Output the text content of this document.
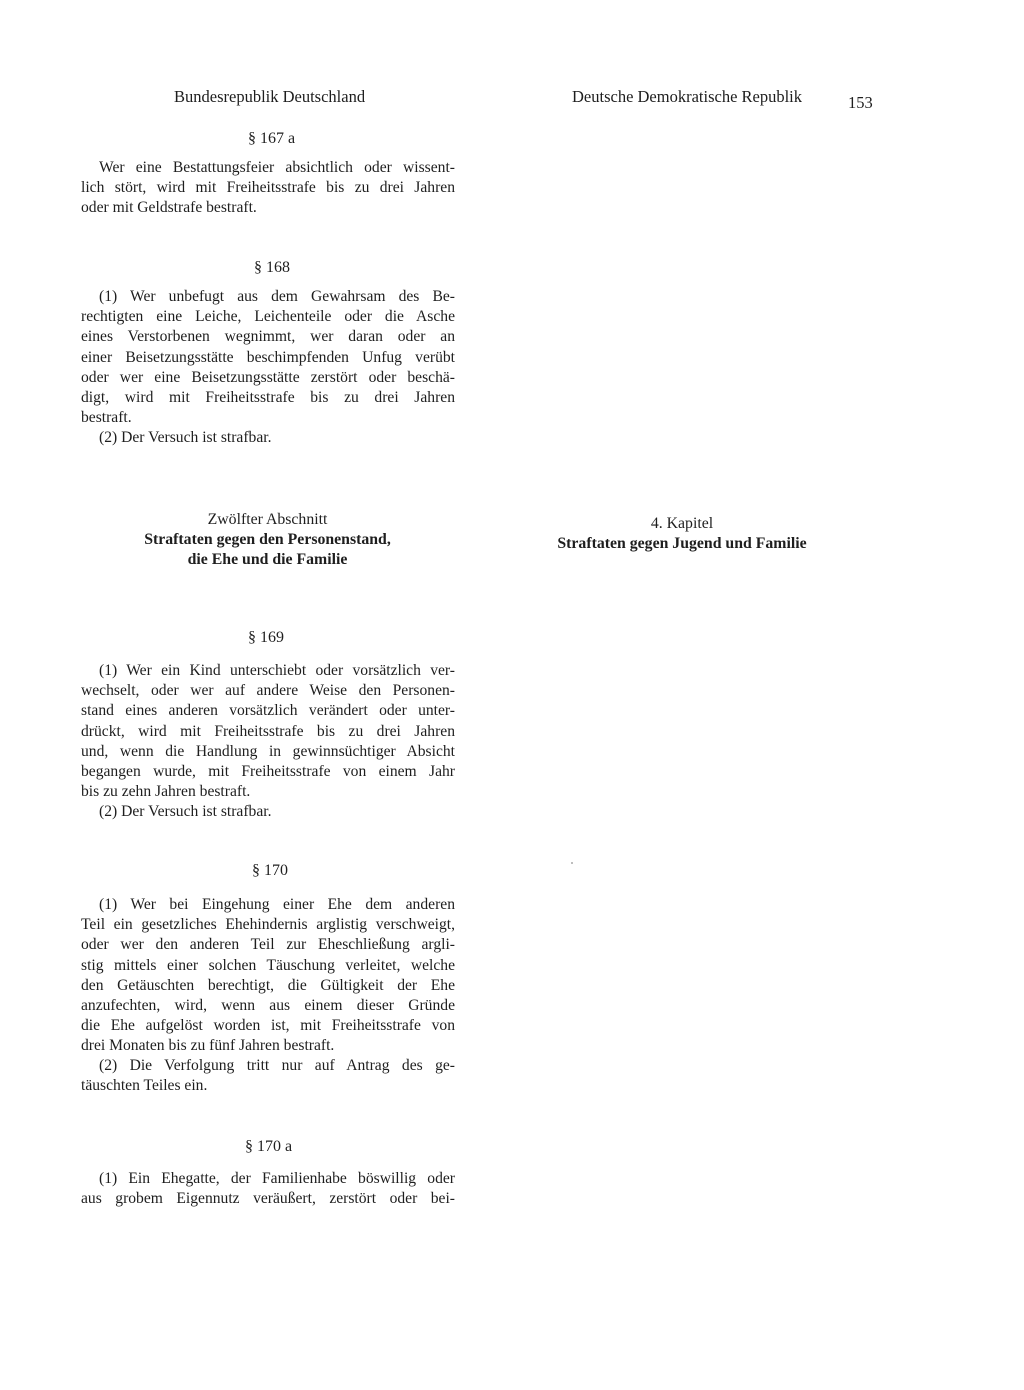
Bundesrepublik Deutschland	Deutsche Demokratische Republik	153
§ 167 a
Wer eine Bestattungsfeier absichtlich oder wissent-
lich stört, wird mit Freiheitsstrafe bis zu drei Jahren
oder mit Geldstrafe bestraft.
§ 168
(1) Wer unbefugt aus dem Gewahrsam des Be-
rechtigten eine Leiche, Leichenteile oder die Asche
eines Verstorbenen wegnimmt, wer daran oder an
einer Beisetzungsstätte beschimpfenden Unfug verübt
oder wer eine Beisetzungsstätte zerstört oder beschä-
digt, wird mit Freiheitsstrafe bis zu drei Jahren
bestraft.
(2) Der Versuch ist strafbar.
Zwölfter Abschnitt
Straftaten gegen den Personenstand,
die Ehe und die Familie
4. Kapitel
Straftaten gegen Jugend und Familie
§ 169
(1) Wer ein Kind unterschiebt oder vorsätzlich ver-
wechselt, oder wer auf andere Weise den Personen-
stand eines anderen vorsätzlich verändert oder unter-
drückt, wird mit Freiheitsstrafe bis zu drei Jahren
und, wenn die Handlung in gewinnsüchtiger Absicht
begangen wurde, mit Freiheitsstrafe von einem Jahr
bis zu zehn Jahren bestraft.
(2) Der Versuch ist strafbar.
§ 170
(1) Wer bei Eingehung einer Ehe dem anderen
Teil ein gesetzliches Ehehindernis arglistig verschweigt,
oder wer den anderen Teil zur Eheschließung argli-
stig mittels einer solchen Täuschung verleitet, welche
den Getäuschten berechtigt, die Gültigkeit der Ehe
anzufechten, wird, wenn aus einem dieser Gründe
die Ehe aufgelöst worden ist, mit Freiheitsstrafe von
drei Monaten bis zu fünf Jahren bestraft.
(2) Die Verfolgung tritt nur auf Antrag des ge-
täuschten Teiles ein.
§ 170 a
(1) Ein Ehegatte, der Familienhabe böswillig oder
aus grobem Eigennutz veräußert, zerstört oder bei-
